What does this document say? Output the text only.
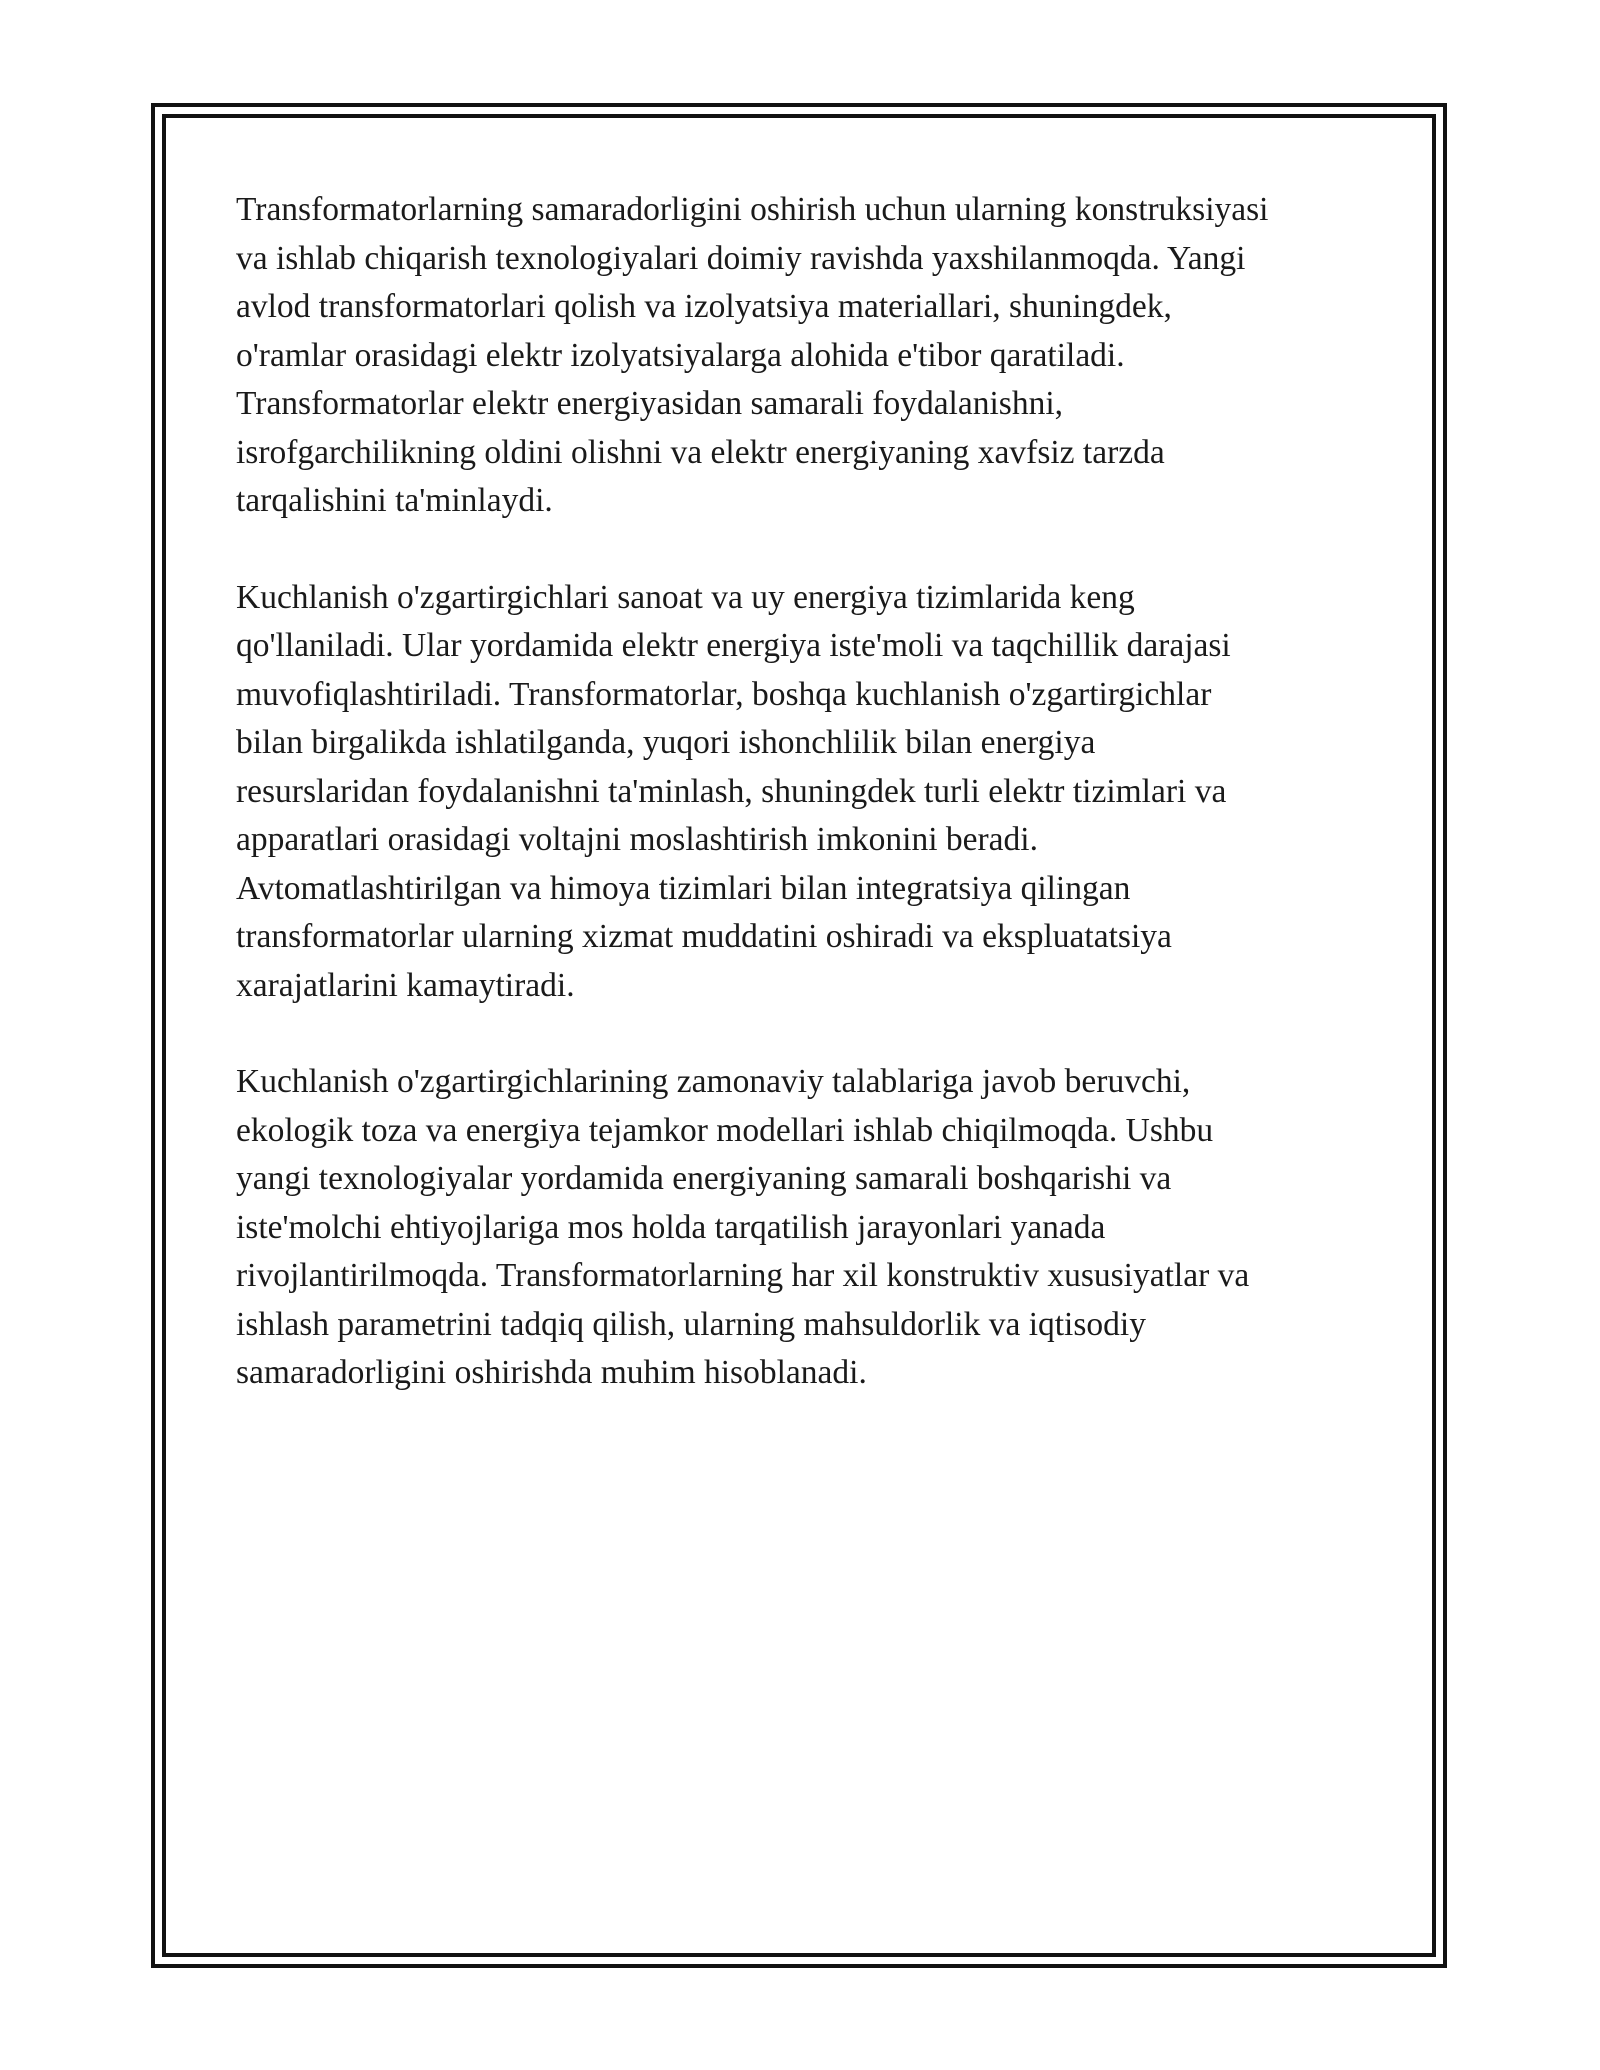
Transformatorlarning samaradorligini oshirish uchun ularning konstruksiyasi
va ishlab chiqarish texnologiyalari doimiy ravishda yaxshilanmoqda. Yangi
avlod transformatorlari qolish va izolyatsiya materiallari, shuningdek,
o'ramlar orasidagi elektr izolyatsiyalarga alohida e'tibor qaratiladi.
Transformatorlar elektr energiyasidan samarali foydalanishni,
isrofgarchilikning oldini olishni va elektr energiyaning xavfsiz tarzda
tarqalishini ta'minlaydi.

Kuchlanish o'zgartirgichlari sanoat va uy energiya tizimlarida keng
qo'llaniladi. Ular yordamida elektr energiya iste'moli va taqchillik darajasi
muvofiqlashtiriladi. Transformatorlar, boshqa kuchlanish o'zgartirgichlar
bilan birgalikda ishlatilganda, yuqori ishonchlilik bilan energiya
resurslaridan foydalanishni ta'minlash, shuningdek turli elektr tizimlari va
apparatlari orasidagi voltajni moslashtirish imkonini beradi.
Avtomatlashtirilgan va himoya tizimlari bilan integratsiya qilingan
transformatorlar ularning xizmat muddatini oshiradi va ekspluatatsiya
xarajatlarini kamaytiradi.

Kuchlanish o'zgartirgichlarining zamonaviy talablariga javob beruvchi,
ekologik toza va energiya tejamkor modellari ishlab chiqilmoqda. Ushbu
yangi texnologiyalar yordamida energiyaning samarali boshqarishi va
iste'molchi ehtiyojlariga mos holda tarqatilish jarayonlari yanada
rivojlantirilmoqda. Transformatorlarning har xil konstruktiv xususiyatlar va
ishlash parametrini tadqiq qilish, ularning mahsuldorlik va iqtisodiy
samaradorligini oshirishda muhim hisoblanadi.
